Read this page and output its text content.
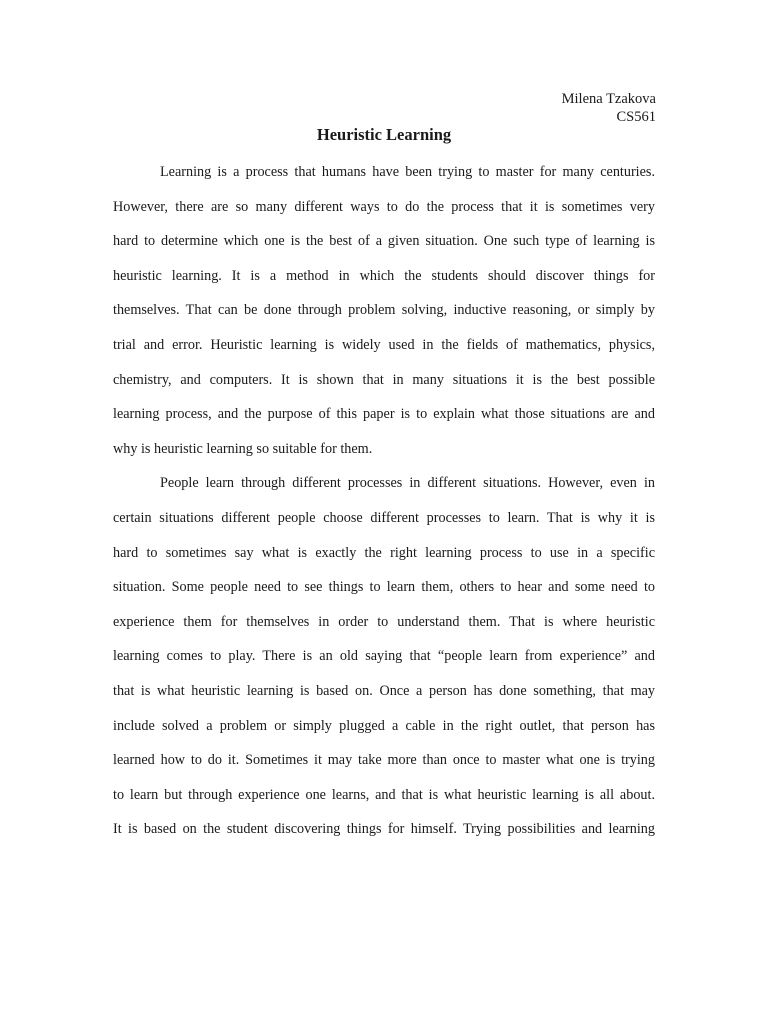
Milena Tzakova
CS561
Heuristic Learning
Learning is a process that humans have been trying to master for many centuries.
However, there are so many different ways to do the process that it is sometimes very
hard to determine which one is the best of a given situation. One such type of learning is
heuristic learning. It is a method in which the students should discover things for
themselves. That can be done through problem solving, inductive reasoning, or simply by
trial and error. Heuristic learning is widely used in the fields of mathematics, physics,
chemistry, and computers. It is shown that in many situations it is the best possible
learning process, and the purpose of this paper is to explain what those situations are and
why is heuristic learning so suitable for them.
People learn through different processes in different situations. However, even in
certain situations different people choose different processes to learn. That is why it is
hard to sometimes say what is exactly the right learning process to use in a specific
situation. Some people need to see things to learn them, others to hear and some need to
experience them for themselves in order to understand them. That is where heuristic
learning comes to play. There is an old saying that “people learn from experience” and
that is what heuristic learning is based on. Once a person has done something, that may
include solved a problem or simply plugged a cable in the right outlet, that person has
learned how to do it. Sometimes it may take more than once to master what one is trying
to learn but through experience one learns, and that is what heuristic learning is all about.
It is based on the student discovering things for himself. Trying possibilities and learning
